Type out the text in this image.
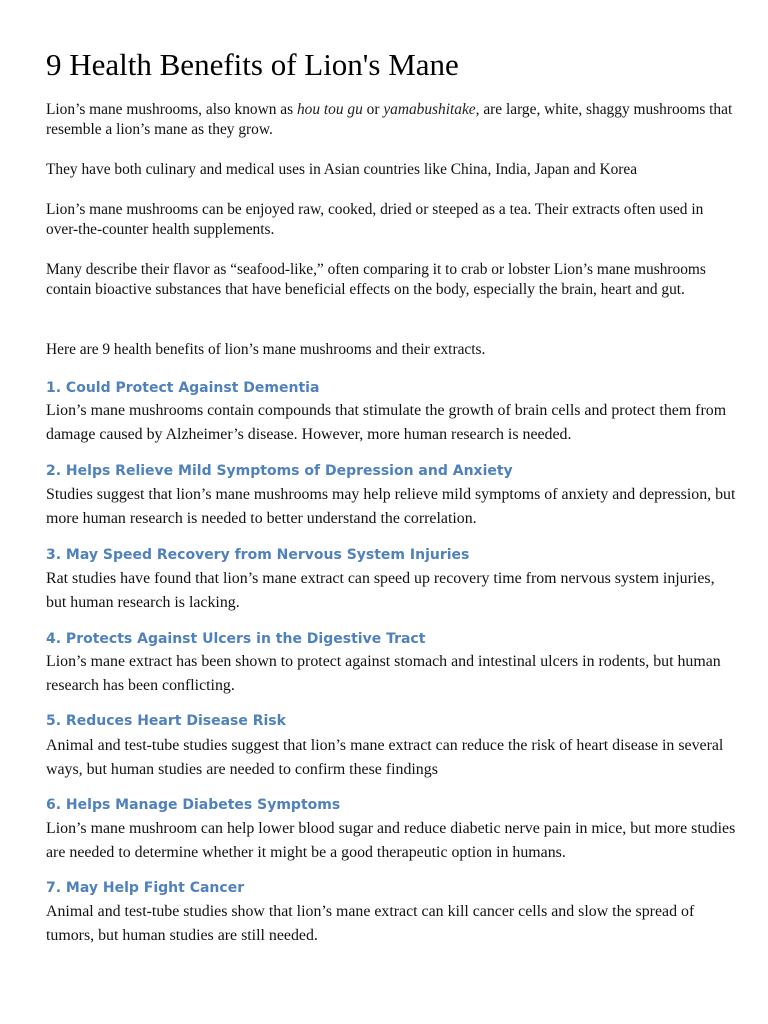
9 Health Benefits of Lion's Mane

Lion’s mane mushrooms, also known as hou tou gu or yamabushitake, are large, white, shaggy mushrooms that resemble a lion’s mane as they grow.

They have both culinary and medical uses in Asian countries like China, India, Japan and Korea

Lion’s mane mushrooms can be enjoyed raw, cooked, dried or steeped as a tea. Their extracts often used in over-the-counter health supplements.

Many describe their flavor as “seafood-like,” often comparing it to crab or lobster Lion’s mane mushrooms contain bioactive substances that have beneficial effects on the body, especially the brain, heart and gut.

Here are 9 health benefits of lion’s mane mushrooms and their extracts.

1. Could Protect Against Dementia

Lion’s mane mushrooms contain compounds that stimulate the growth of brain cells and protect them from damage caused by Alzheimer’s disease. However, more human research is needed.

2. Helps Relieve Mild Symptoms of Depression and Anxiety

Studies suggest that lion’s mane mushrooms may help relieve mild symptoms of anxiety and depression, but more human research is needed to better understand the correlation.

3. May Speed Recovery from Nervous System Injuries

Rat studies have found that lion’s mane extract can speed up recovery time from nervous system injuries, but human research is lacking.

4. Protects Against Ulcers in the Digestive Tract

Lion’s mane extract has been shown to protect against stomach and intestinal ulcers in rodents, but human research has been conflicting.

5. Reduces Heart Disease Risk

Animal and test-tube studies suggest that lion’s mane extract can reduce the risk of heart disease in several ways, but human studies are needed to confirm these findings

6. Helps Manage Diabetes Symptoms

Lion’s mane mushroom can help lower blood sugar and reduce diabetic nerve pain in mice, but more studies are needed to determine whether it might be a good therapeutic option in humans.

7. May Help Fight Cancer

Animal and test-tube studies show that lion’s mane extract can kill cancer cells and slow the spread of tumors, but human studies are still needed.
